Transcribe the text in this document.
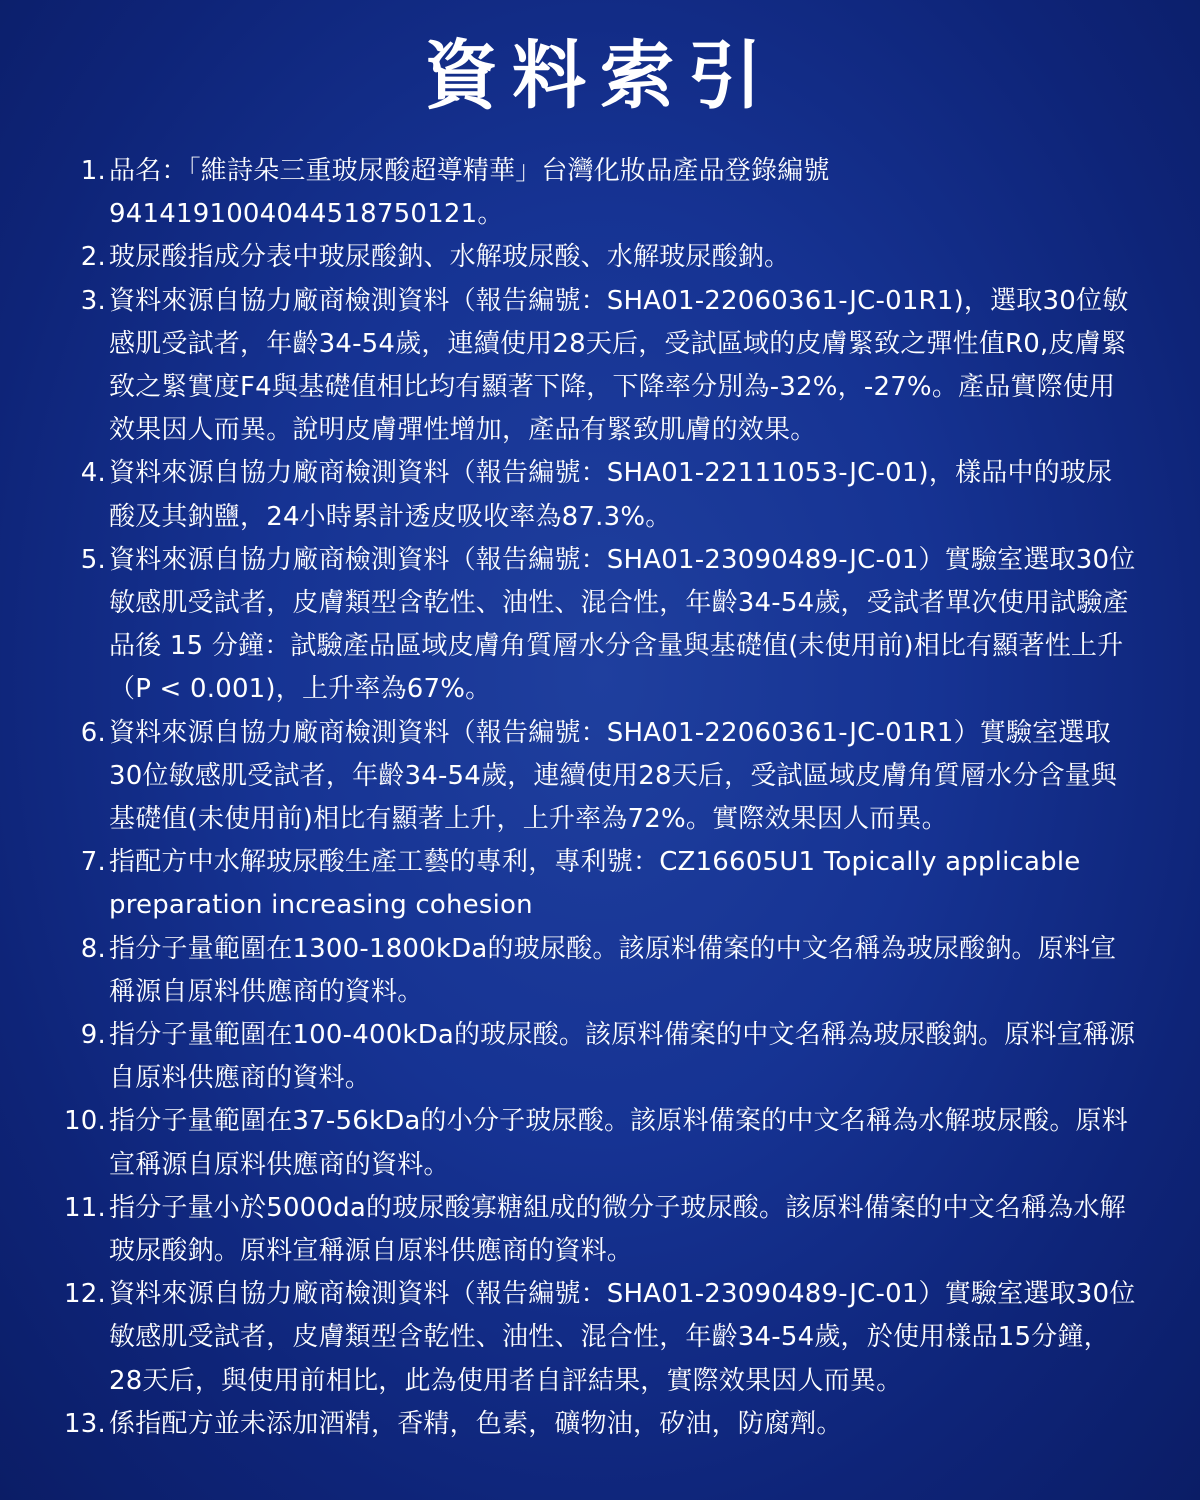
資料索引
1. 品名：「維詩朵三重玻尿酸超導精華」台灣化妝品產品登錄編號94141910040445187501​21。
2. 玻尿酸指成分表中玻尿酸鈉、水解玻尿酸、水解玻尿酸鈉。
3. 資料來源自協力廠商檢測資料（報告編號：SHA01-22060361-JC-01R1)，選取30位敏感肌受試者，年齡34-54歲，連續使用28天后，受試區域的皮膚緊致之彈性值R0,皮膚緊致之緊實度F4與基礎值相比均有顯著下降，下降率分別為-32%，-27%。產品實際使用效果因人而異。說明皮膚彈性增加，產品有緊致肌膚的效果。
4. 資料來源自協力廠商檢測資料（報告編號：SHA01-22111053-JC-01)，樣品中的玻尿酸及其鈉鹽，24小時累計透皮吸收率為87.3%。
5. 資料來源自協力廠商檢測資料（報告編號：SHA01-23090489-JC-01）實驗室選取30位敏感肌受試者，皮膚類型含乾性、油性、混合性，年齡34-54歲，受試者單次使用試驗產品後 15 分鐘：試驗產品區域皮膚角質層水分含量與基礎值(未使用前)相比有顯著性上升（P < 0.001)，上升率為67%。
6. 資料來源自協力廠商檢測資料（報告編號：SHA01-22060361-JC-01R1）實驗室選取30位敏感肌受試者，年齡34-54歲，連續使用28天后，受試區域皮膚角質層水分含量與基礎值(未使用前)相比有顯著上升，上升率為72%。實際效果因人而異。
7. 指配方中水解玻尿酸生產工藝的專利，專利號：CZ16605U1 Topically applicable preparation increasing cohesion
8. 指分子量範圍在1300-1800kDa的玻尿酸。該原料備案的中文名稱為玻尿酸鈉。原料宣稱源自原料供應商的資料。
9. 指分子量範圍在100-400kDa的玻尿酸。該原料備案的中文名稱為玻尿酸鈉。原料宣稱源自原料供應商的資料。
10. 指分子量範圍在37-56kDa的小分子玻尿酸。該原料備案的中文名稱為水解玻尿酸。原料宣稱源自原料供應商的資料。
11. 指分子量小於5000da的玻尿酸寡糖組成的微分子玻尿酸。該原料備案的中文名稱為水解玻尿酸鈉。原料宣稱源自原料供應商的資料。
12. 資料來源自協力廠商檢測資料（報告編號：SHA01-23090489-JC-01）實驗室選取30位敏感肌受試者，皮膚類型含乾性、油性、混合性，年齡34-54歲，於使用樣品15分鐘，28天后，與使用前相比，此為使用者自評結果，實際效果因人而異。
13. 係指配方並未添加酒精，香精，色素，礦物油，矽油，防腐劑。
